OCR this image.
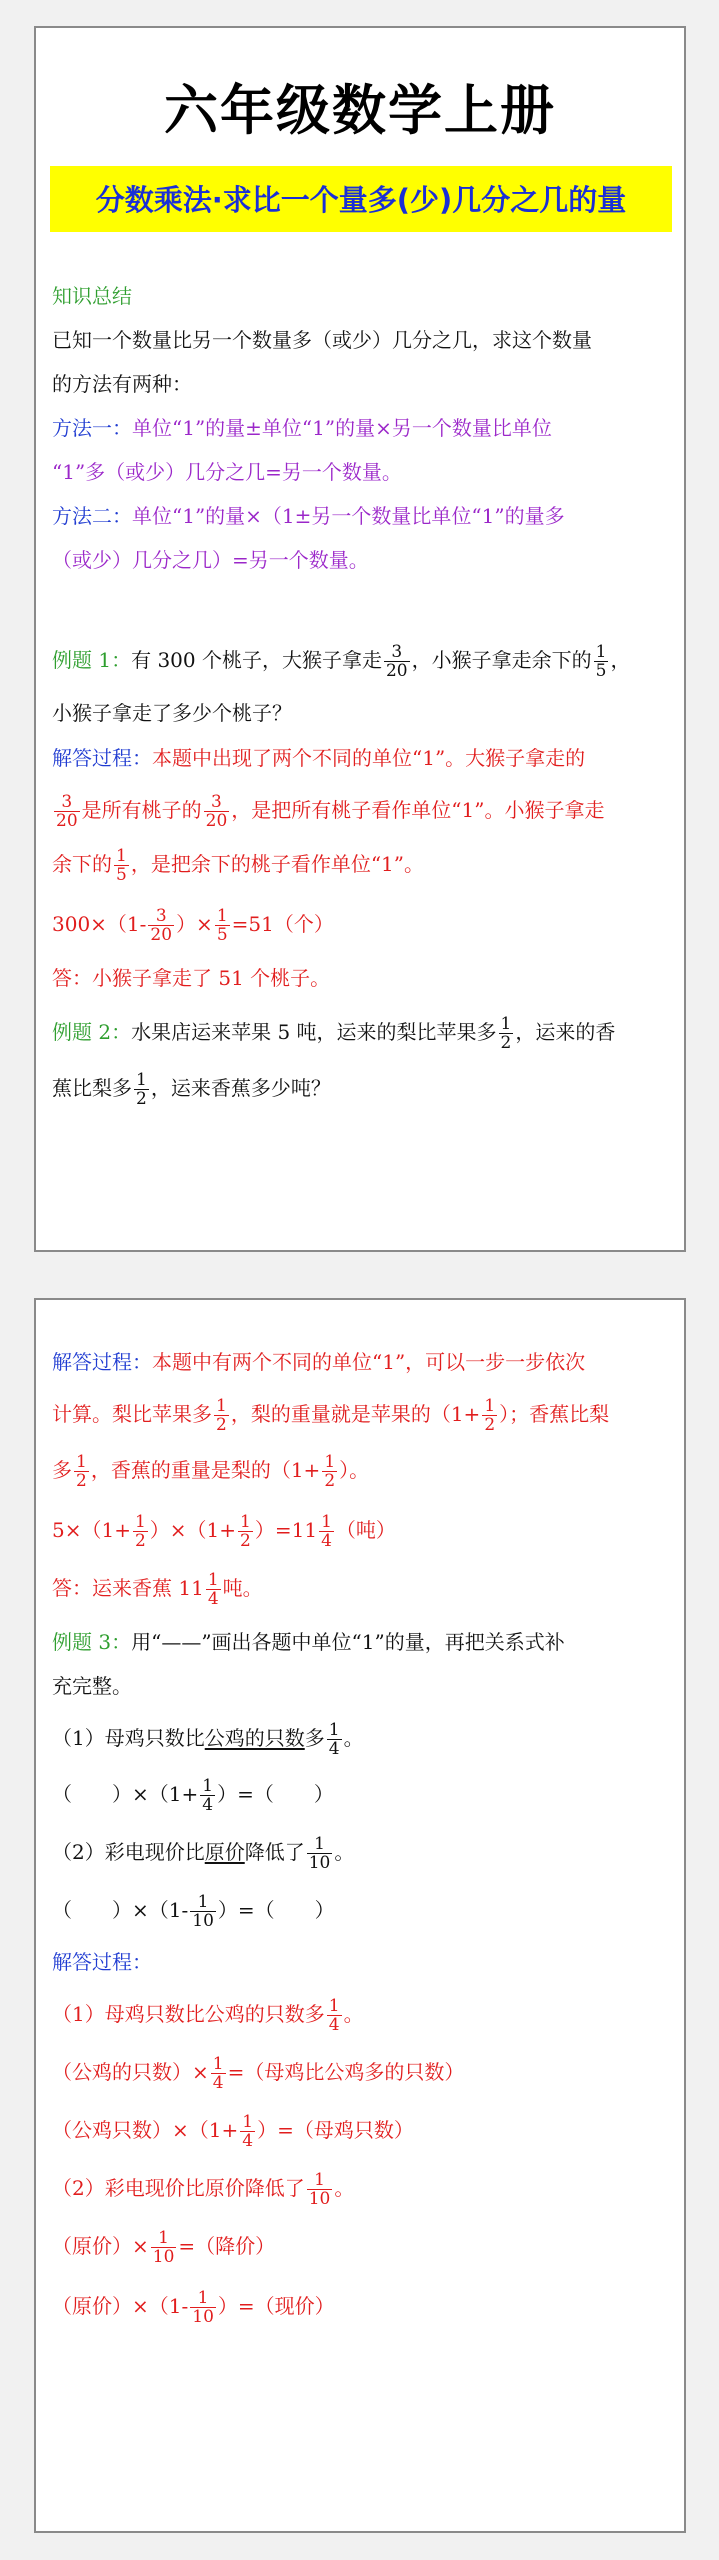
六年级数学上册
分数乘法·求比一个量多(少)几分之几的量
知识总结
已知一个数量比另一个数量多（或少）几分之几，求这个数量
的方法有两种：
方法一：单位“1”的量±单位“1”的量×另一个数量比单位
“1”多（或少）几分之几=另一个数量。
方法二：单位“1”的量×（1±另一个数量比单位“1”的量多
（或少）几分之几）=另一个数量。
例题 1：有 300 个桃子，大猴子拿走 $\frac{3}{20}$ ，小猴子拿走余下的 $\frac{1}{5}$ ，
小猴子拿走了多少个桃子？
解答过程：本题中出现了两个不同的单位“1”。大猴子拿走的
$\frac{3}{20}$ 是所有桃子的 $\frac{3}{20}$ ，是把所有桃子看作单位“1”。小猴子拿走
余下的 $\frac{1}{5}$ ，是把余下的桃子看作单位“1”。
$300\times(1- \frac{3}{20}$ ）× $\frac{1}{5} =51$（个）
答：小猴子拿走了 51 个桃子。
例题 2：水果店运来苹果 5 吨，运来的梨比苹果多 $\frac{1}{2}$ ，运来的香
蕉比梨多 $\frac{1}{2}$ ，运来香蕉多少吨？
解答过程：本题中有两个不同的单位“1”，可以一步一步依次
计算。梨比苹果多 $\frac{1}{2}$ ，梨的重量就是苹果的（$1+ \frac{1}{2}$ ）；香蕉比梨
多 $\frac{1}{2}$ ，香蕉的重量是梨的（$1+ \frac{1}{2}$ ）。
$5\times(1+ \frac{1}{2} )\times(1+ \frac{1}{2} )=11 \frac{1}{4}$ （吨）
答：运来香蕉 $11 \frac{1}{4}$ 吨。
例题 3：用“——”画出各题中单位“1”的量，再把关系式补
充完整。
（1）母鸡只数比公鸡的只数多 $\frac{1}{4}$ 。
（　　）$\times(1+ \frac{1}{4}$ ）=（　　）
（2）彩电现价比原价降低了 $\frac{1}{10}$ 。
（　　）$\times(1- \frac{1}{10}$ ）=（　　）
解答过程：
（1）母鸡只数比公鸡的只数多 $\frac{1}{4}$ 。
（公鸡的只数）× $\frac{1}{4}$ =（母鸡比公鸡多的只数）
（公鸡只数）$\times(1+ \frac{1}{4}$ ）=（母鸡只数）
（2）彩电现价比原价降低了 $\frac{1}{10}$ 。
（原价）× $\frac{1}{10}$ =（降价）
（原价）$\times(1- \frac{1}{10}$ ）=（现价）
